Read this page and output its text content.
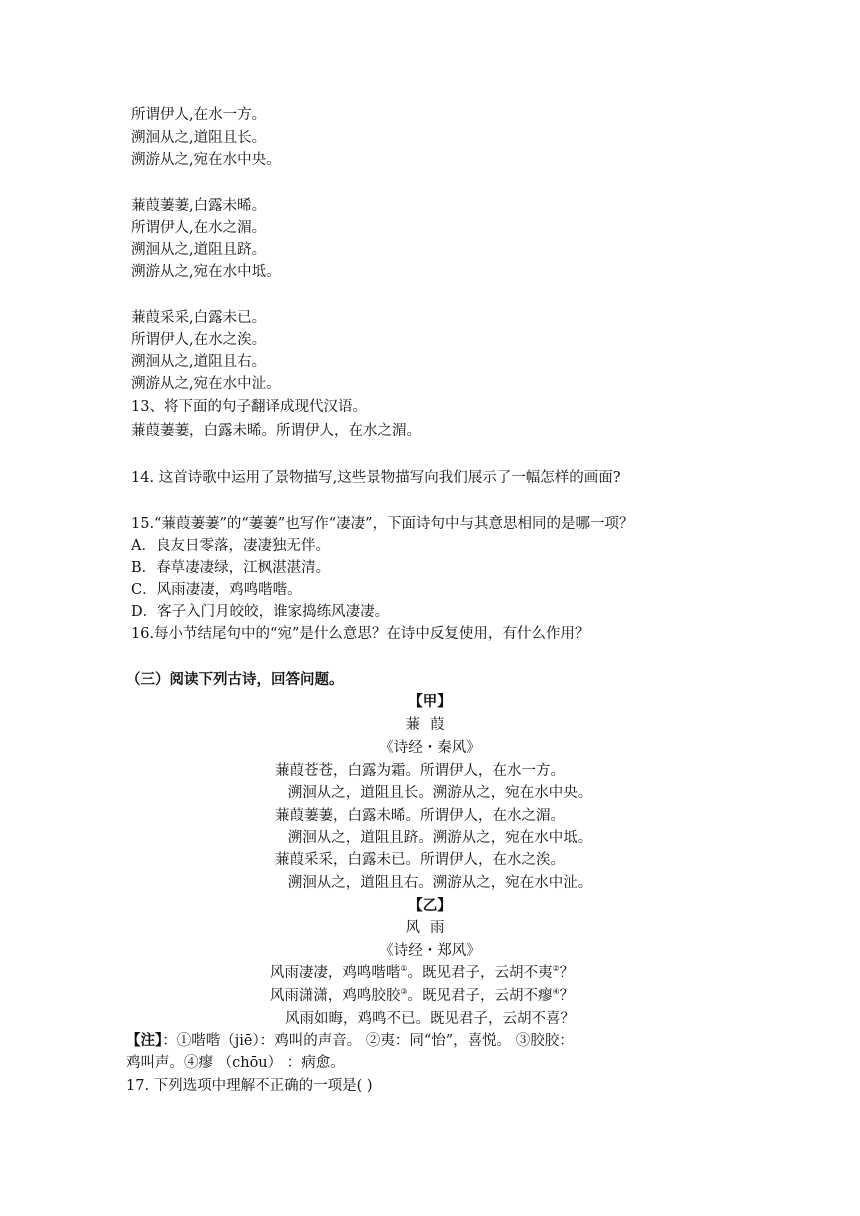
所谓伊人,在水一方。
溯洄从之,道阻且长。
溯游从之,宛在水中央。
蒹葭萋萋,白露未晞。
所谓伊人,在水之湄。
溯洄从之,道阻且跻。
溯游从之,宛在水中坻。
蒹葭采采,白露未已。
所谓伊人,在水之涘。
溯洄从之,道阻且右。
溯游从之,宛在水中沚。
13、将下面的句子翻译成现代汉语。
蒹葭萋萋，白露未晞。所谓伊人，在水之湄。
14. 这首诗歌中运用了景物描写,这些景物描写向我们展示了一幅怎样的画面?
15.“蒹葭萋萋”的“萋萋”也写作“凄凄”，下面诗句中与其意思相同的是哪一项？
A．良友日零落，凄凄独无伴。
B．春草凄凄绿，江枫湛湛清。
C．风雨凄凄，鸡鸣喈喈。
D．客子入门月皎皎，谁家捣练风凄凄。
16.每小节结尾句中的“宛”是什么意思？在诗中反复使用，有什么作用？
（三）阅读下列古诗，回答问题。
【甲】
蒹葭
《诗经・秦风》
蒹葭苍苍，白露为霜。所谓伊人，在水一方。
溯洄从之，道阻且长。溯游从之，宛在水中央。
蒹葭萋萋，白露未晞。所谓伊人，在水之湄。
溯洄从之，道阻且跻。溯游从之，宛在水中坻。
蒹葭采采，白露未已。所谓伊人，在水之涘。
溯洄从之，道阻且右。溯游从之，宛在水中沚。
【乙】
风雨
《诗经・郑风》
风雨凄凄，鸡鸣喈喈①。既见君子，云胡不夷②？
风雨潇潇，鸡鸣胶胶③。既见君子，云胡不瘳④？
风雨如晦，鸡鸣不已。既见君子，云胡不喜？
【注】：①喈喈（jiē）：鸡叫的声音。 ②夷：同“怡”，喜悦。 ③胶胶：
鸡叫声。④瘳 （chōu） ：病愈。
17. 下列选项中理解不正确的一项是( )
